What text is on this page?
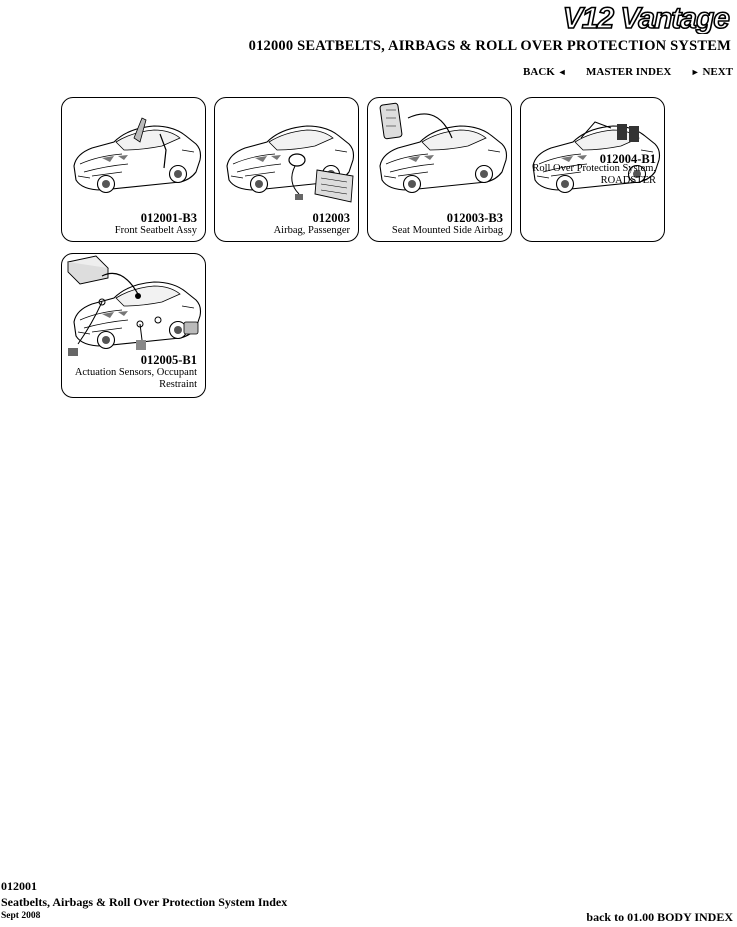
V12 Vantage
012000 SEATBELTS, AIRBAGS & ROLL OVER PROTECTION SYSTEM
BACK ◄ MASTER INDEX ► NEXT
012001-B3
Front Seatbelt Assy
012003
Airbag, Passenger
012003-B3
Seat Mounted Side Airbag
012004-B1
Roll Over Protection System, ROADSTER
012005-B1
Actuation Sensors, Occupant Restraint
012001
Seatbelts, Airbags & Roll Over Protection System Index
Sept 2008	back to 01.00 BODY INDEX
